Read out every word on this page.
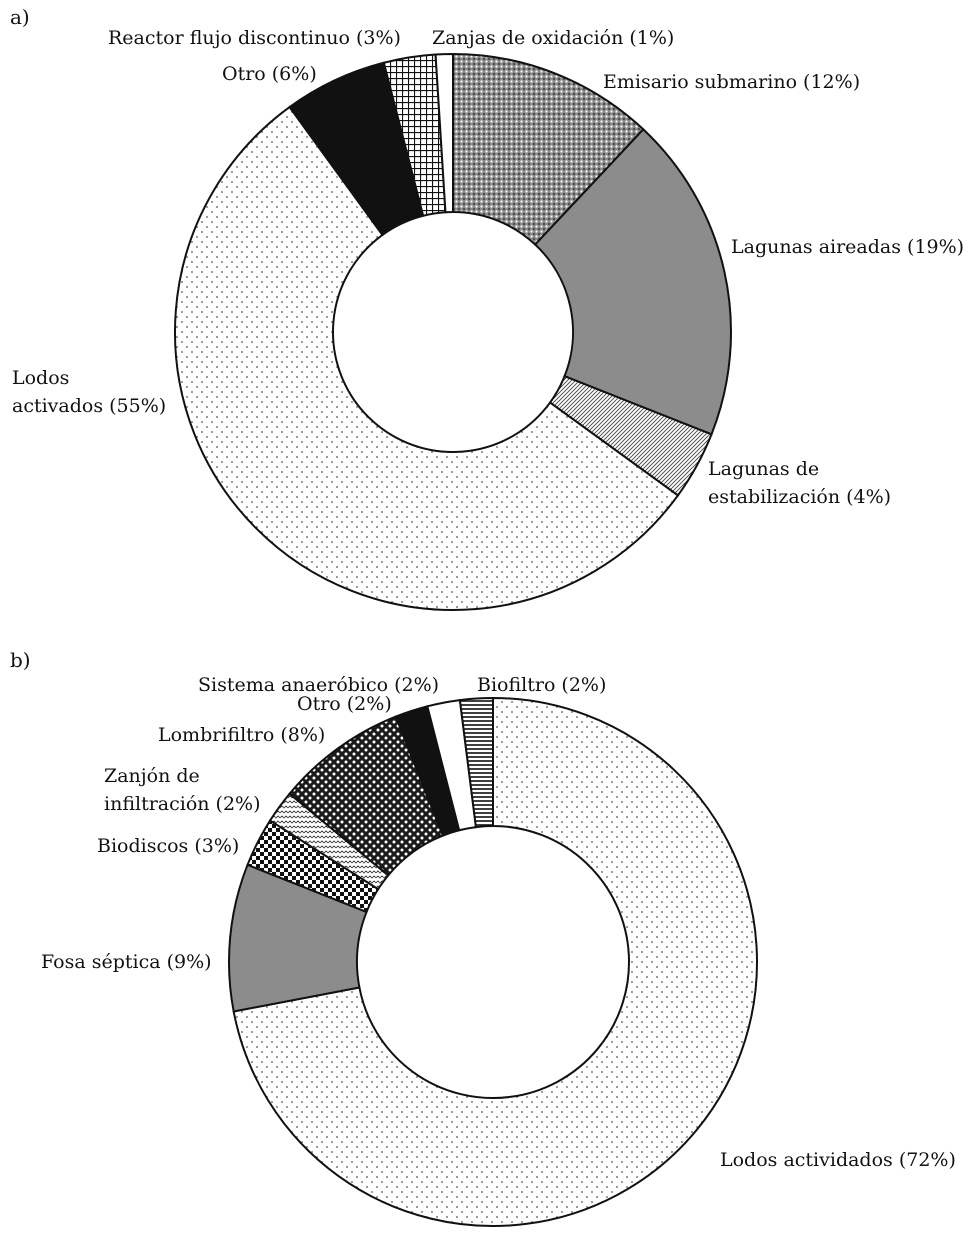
a)
Emisario submarino (12%)
Lagunas aireadas (19%)
Lagunas de estabilización (4%)
Lodos activados (55%)
Otro (6%)
Reactor flujo discontinuo (3%) Zanjas de oxidación (1%)
b)
Lodos actividados (72%)
Fosa séptica (9%)
Biodiscos (3%)
Zanjón de infiltración (2%)
Lombrifiltro (8%)
Sistema anaeróbico (2%)
Otro (2%)
Biofiltro (2%)
